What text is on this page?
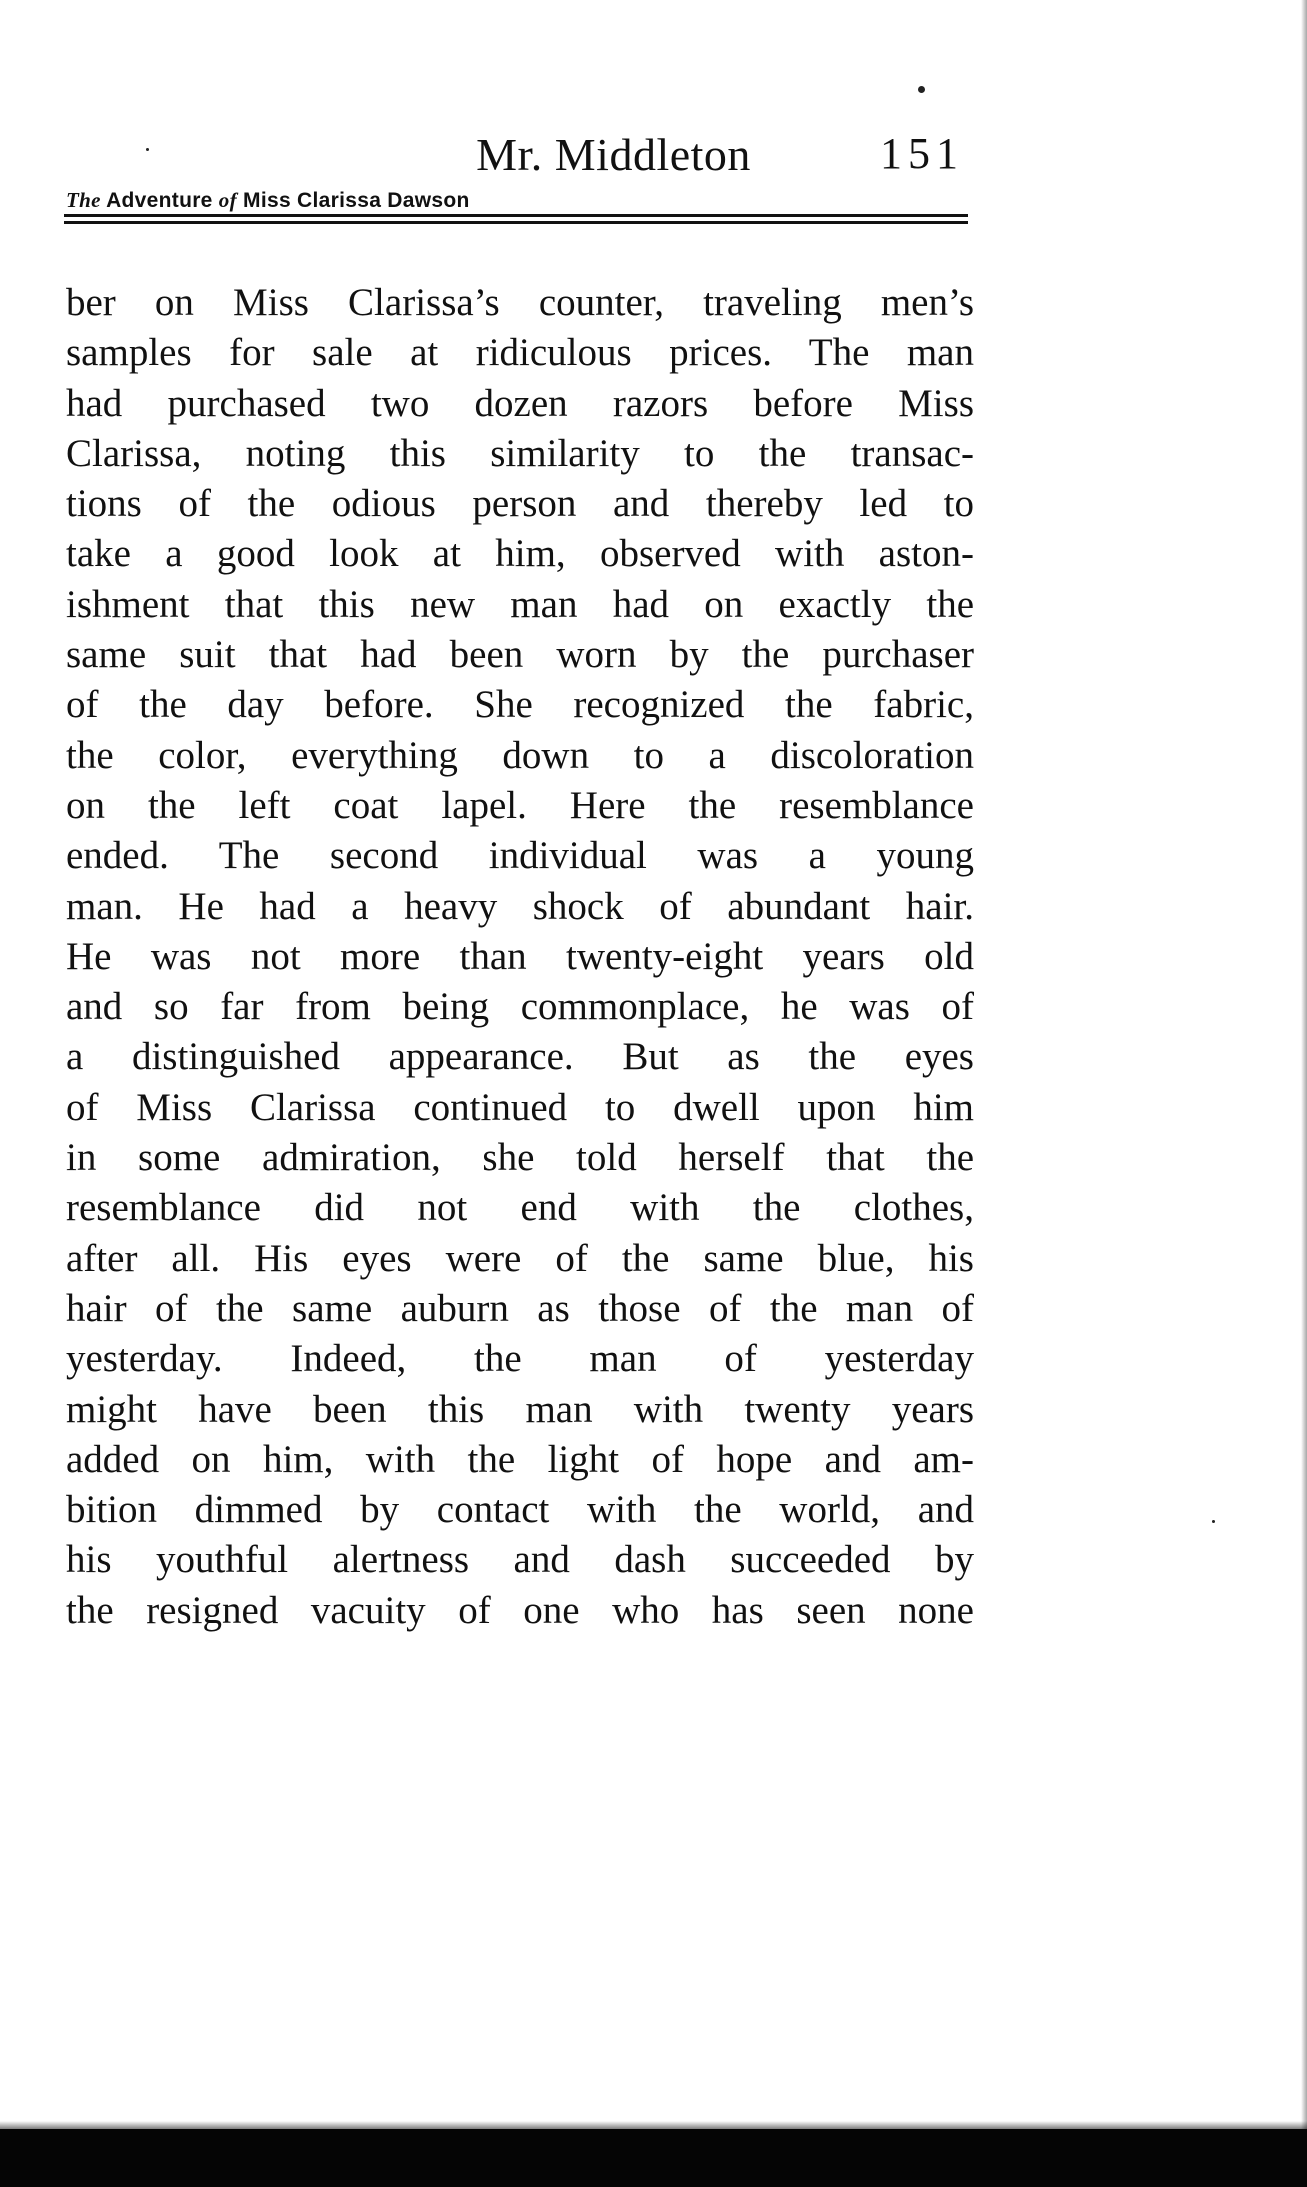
Mr. Middleton	151
The Adventure of Miss Clarissa Dawson
ber on Miss Clarissa’s counter, traveling men’s
samples for sale at ridiculous prices. The man
had purchased two dozen razors before Miss
Clarissa, noting this similarity to the transac-
tions of the odious person and thereby led to
take a good look at him, observed with aston-
ishment that this new man had on exactly the
same suit that had been worn by the purchaser
of the day before. She recognized the fabric,
the color, everything down to a discoloration
on the left coat lapel. Here the resemblance
ended. The second individual was a young
man. He had a heavy shock of abundant hair.
He was not more than twenty-eight years old
and so far from being commonplace, he was of
a distinguished appearance. But as the eyes
of Miss Clarissa continued to dwell upon him
in some admiration, she told herself that the
resemblance did not end with the clothes,
after all. His eyes were of the same blue, his
hair of the same auburn as those of the man of
yesterday. Indeed, the man of yesterday
might have been this man with twenty years
added on him, with the light of hope and am-
bition dimmed by contact with the world, and
his youthful alertness and dash succeeded by
the resigned vacuity of one who has seen none
